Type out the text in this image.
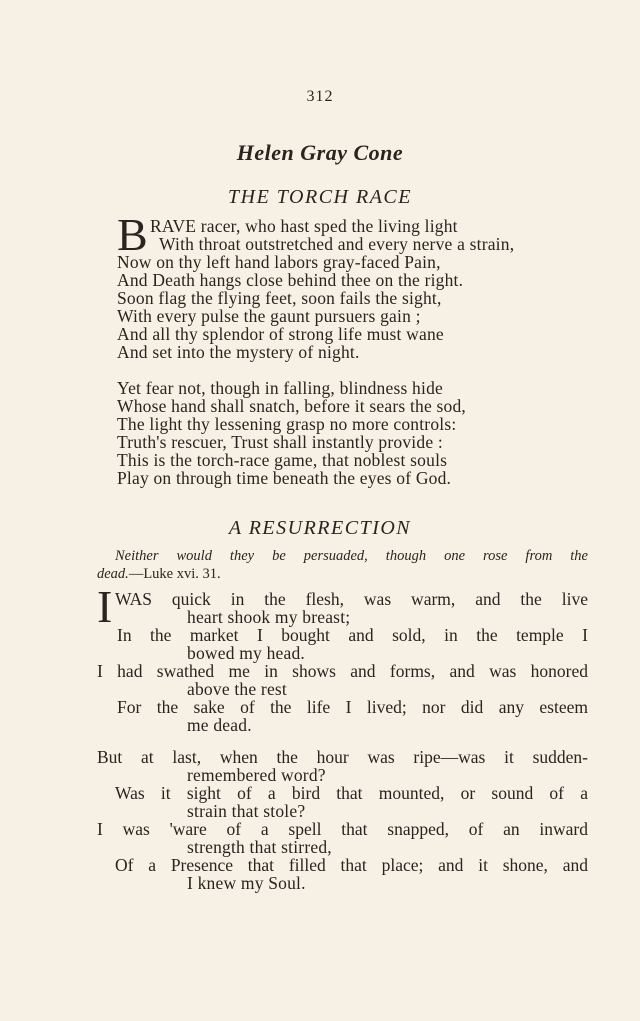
312
Helen Gray Cone
THE TORCH RACE
B RAVE racer, who hast sped the living light
With throat outstretched and every nerve a strain,
Now on thy left hand labors gray-faced Pain,
And Death hangs close behind thee on the right.
Soon flag the flying feet, soon fails the sight,
With every pulse the gaunt pursuers gain ;
And all thy splendor of strong life must wane
And set into the mystery of night.
Yet fear not, though in falling, blindness hide
Whose hand shall snatch, before it sears the sod,
The light thy lessening grasp no more controls:
Truth's rescuer, Trust shall instantly provide :
This is the torch-race game, that noblest souls
Play on through time beneath the eyes of God.
A RESURRECTION
Neither would they be persuaded, though one rose from the
dead.—Luke xvi. 31.
I WAS quick in the flesh, was warm, and the live
heart shook my breast;
In the market I bought and sold, in the temple I
bowed my head.
I had swathed me in shows and forms, and was honored
above the rest
For the sake of the life I lived; nor did any esteem
me dead.
But at last, when the hour was ripe—was it sudden-
remembered word?
Was it sight of a bird that mounted, or sound of a
strain that stole?
I was 'ware of a spell that snapped, of an inward
strength that stirred,
Of a Presence that filled that place; and it shone, and
I knew my Soul.
